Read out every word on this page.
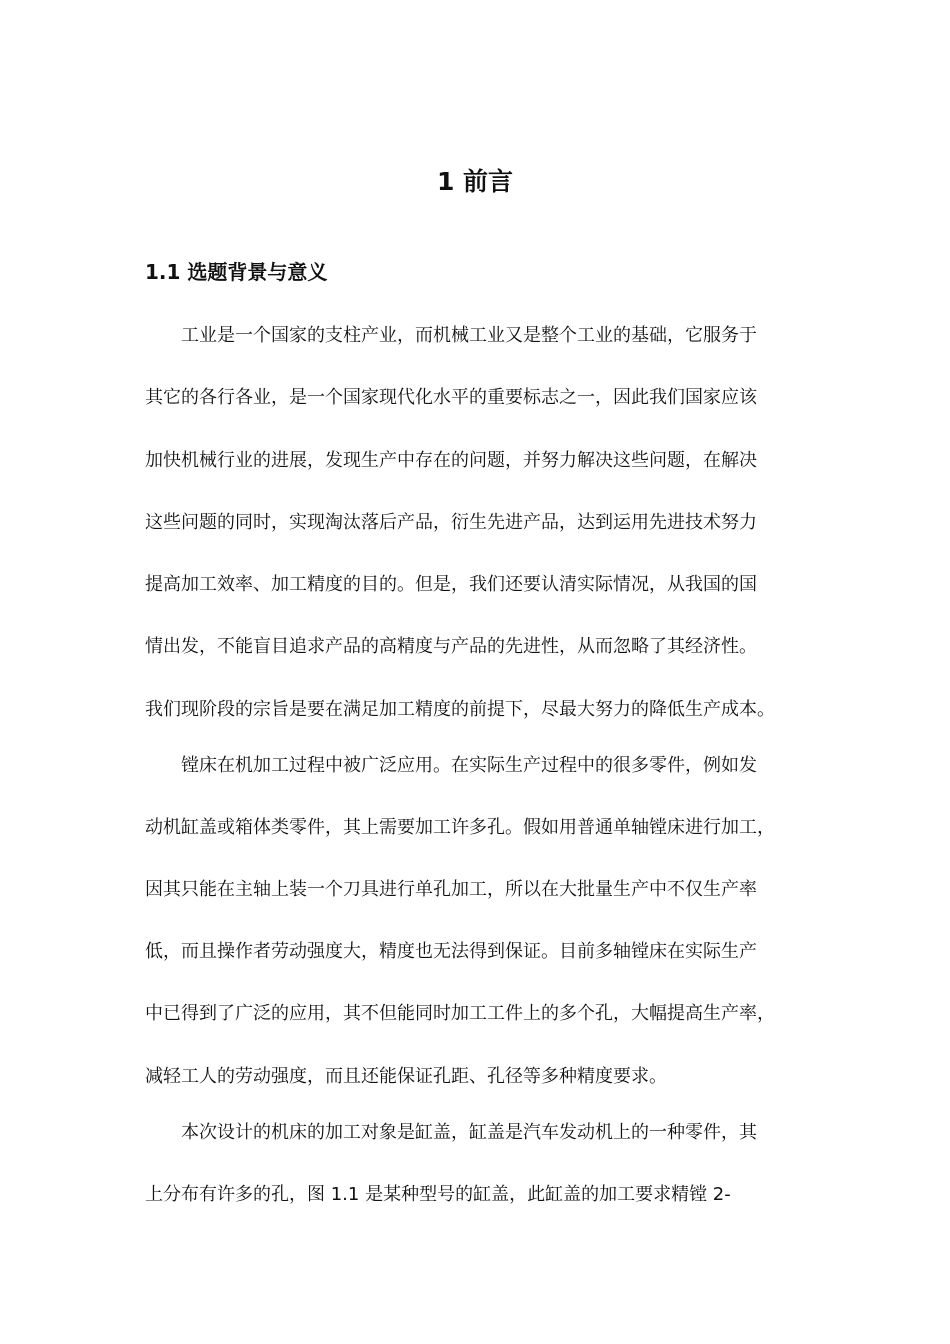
1 前言
1.1 选题背景与意义
工业是一个国家的支柱产业，而机械工业又是整个工业的基础，它服务于
其它的各行各业，是一个国家现代化水平的重要标志之一，因此我们国家应该
加快机械行业的进展，发现生产中存在的问题，并努力解决这些问题，在解决
这些问题的同时，实现淘汰落后产品，衍生先进产品，达到运用先进技术努力
提高加工效率、加工精度的目的。但是，我们还要认清实际情况，从我国的国
情出发，不能盲目追求产品的高精度与产品的先进性，从而忽略了其经济性。
我们现阶段的宗旨是要在满足加工精度的前提下，尽最大努力的降低生产成本。
镗床在机加工过程中被广泛应用。在实际生产过程中的很多零件，例如发
动机缸盖或箱体类零件，其上需要加工许多孔。假如用普通单轴镗床进行加工，
因其只能在主轴上装一个刀具进行单孔加工，所以在大批量生产中不仅生产率
低，而且操作者劳动强度大，精度也无法得到保证。目前多轴镗床在实际生产
中已得到了广泛的应用，其不但能同时加工工件上的多个孔，大幅提高生产率，
减轻工人的劳动强度，而且还能保证孔距、孔径等多种精度要求。
本次设计的机床的加工对象是缸盖，缸盖是汽车发动机上的一种零件，其
上分布有许多的孔，图 1.1 是某种型号的缸盖，此缸盖的加工要求精镗 2-
